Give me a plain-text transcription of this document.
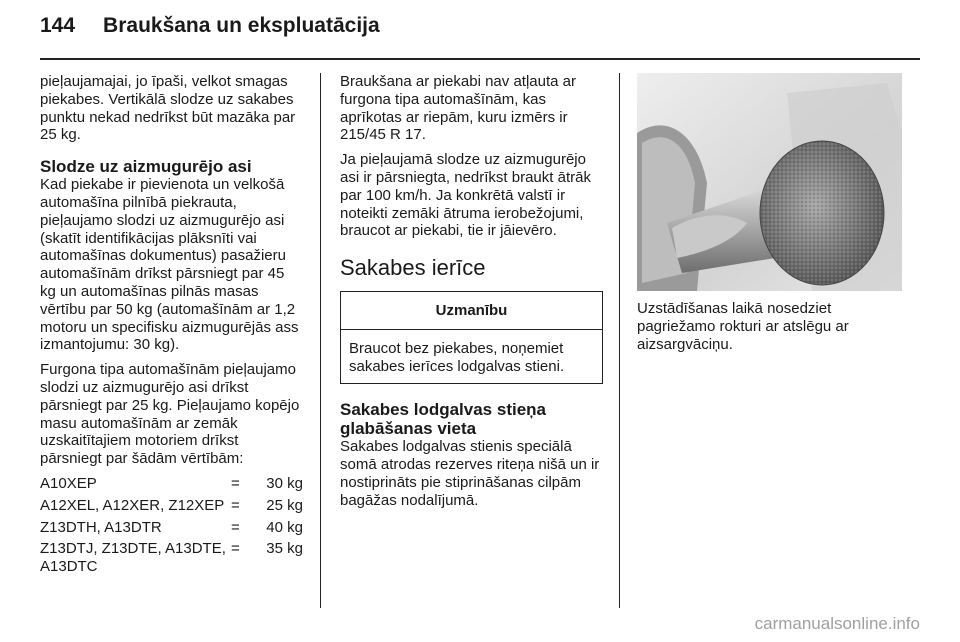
144 Braukšana un ekspluatācija

pieļaujamajai, jo īpaši, velkot smagas piekabes. Vertikālā slodze uz sakabes punktu nekad nedrīkst būt mazāka par 25 kg.

Slodze uz aizmugurējo asi

Kad piekabe ir pievienota un velkošā automašīna pilnībā piekrauta, pieļaujamo slodzi uz aizmugurējo asi (skatīt identifikācijas plāksnīti vai automašīnas dokumentus) pasažieru automašīnām drīkst pārsniegt par 45 kg un automašīnas pilnās masas vērtību par 50 kg (automašīnām ar 1,2 motoru un specifisku aizmugurējās ass izmantojumu: 30 kg).

Furgona tipa automašīnām pieļaujamo slodzi uz aizmugurējo asi drīkst pārsniegt par 25 kg. Pieļaujamo kopējo masu automašīnām ar zemāk uzskaitītajiem motoriem drīkst pārsniegt par šādām vērtībām:

A10XEP	=	30 kg
A12XEL, A12XER, Z12XEP	=	25 kg
Z13DTH, A13DTR	=	40 kg
Z13DTJ, Z13DTE, A13DTE, A13DTC	=	35 kg

Braukšana ar piekabi nav atļauta ar furgona tipa automašīnām, kas aprīkotas ar riepām, kuru izmērs ir 215/45 R 17.

Ja pieļaujamā slodze uz aizmugurējo asi ir pārsniegta, nedrīkst braukt ātrāk par 100 km/h. Ja konkrētā valstī ir noteikti zemāki ātruma ierobežojumi, braucot ar piekabi, tie ir jāievēro.

Sakabes ierīce
Uzmanību
Braucot bez piekabes, noņemiet sakabes ierīces lodgalvas stieni.
Sakabes lodgalvas stieņa glabāšanas vieta

Sakabes lodgalvas stienis speciālā somā atrodas rezerves riteņa nišā un ir nostiprināts pie stiprināšanas cilpām bagāžas nodalījumā.

Uzstādīšanas laikā nosedziet pagriežamo rokturi ar atslēgu ar aizsargvāciņu.

carmanualsonline.info
